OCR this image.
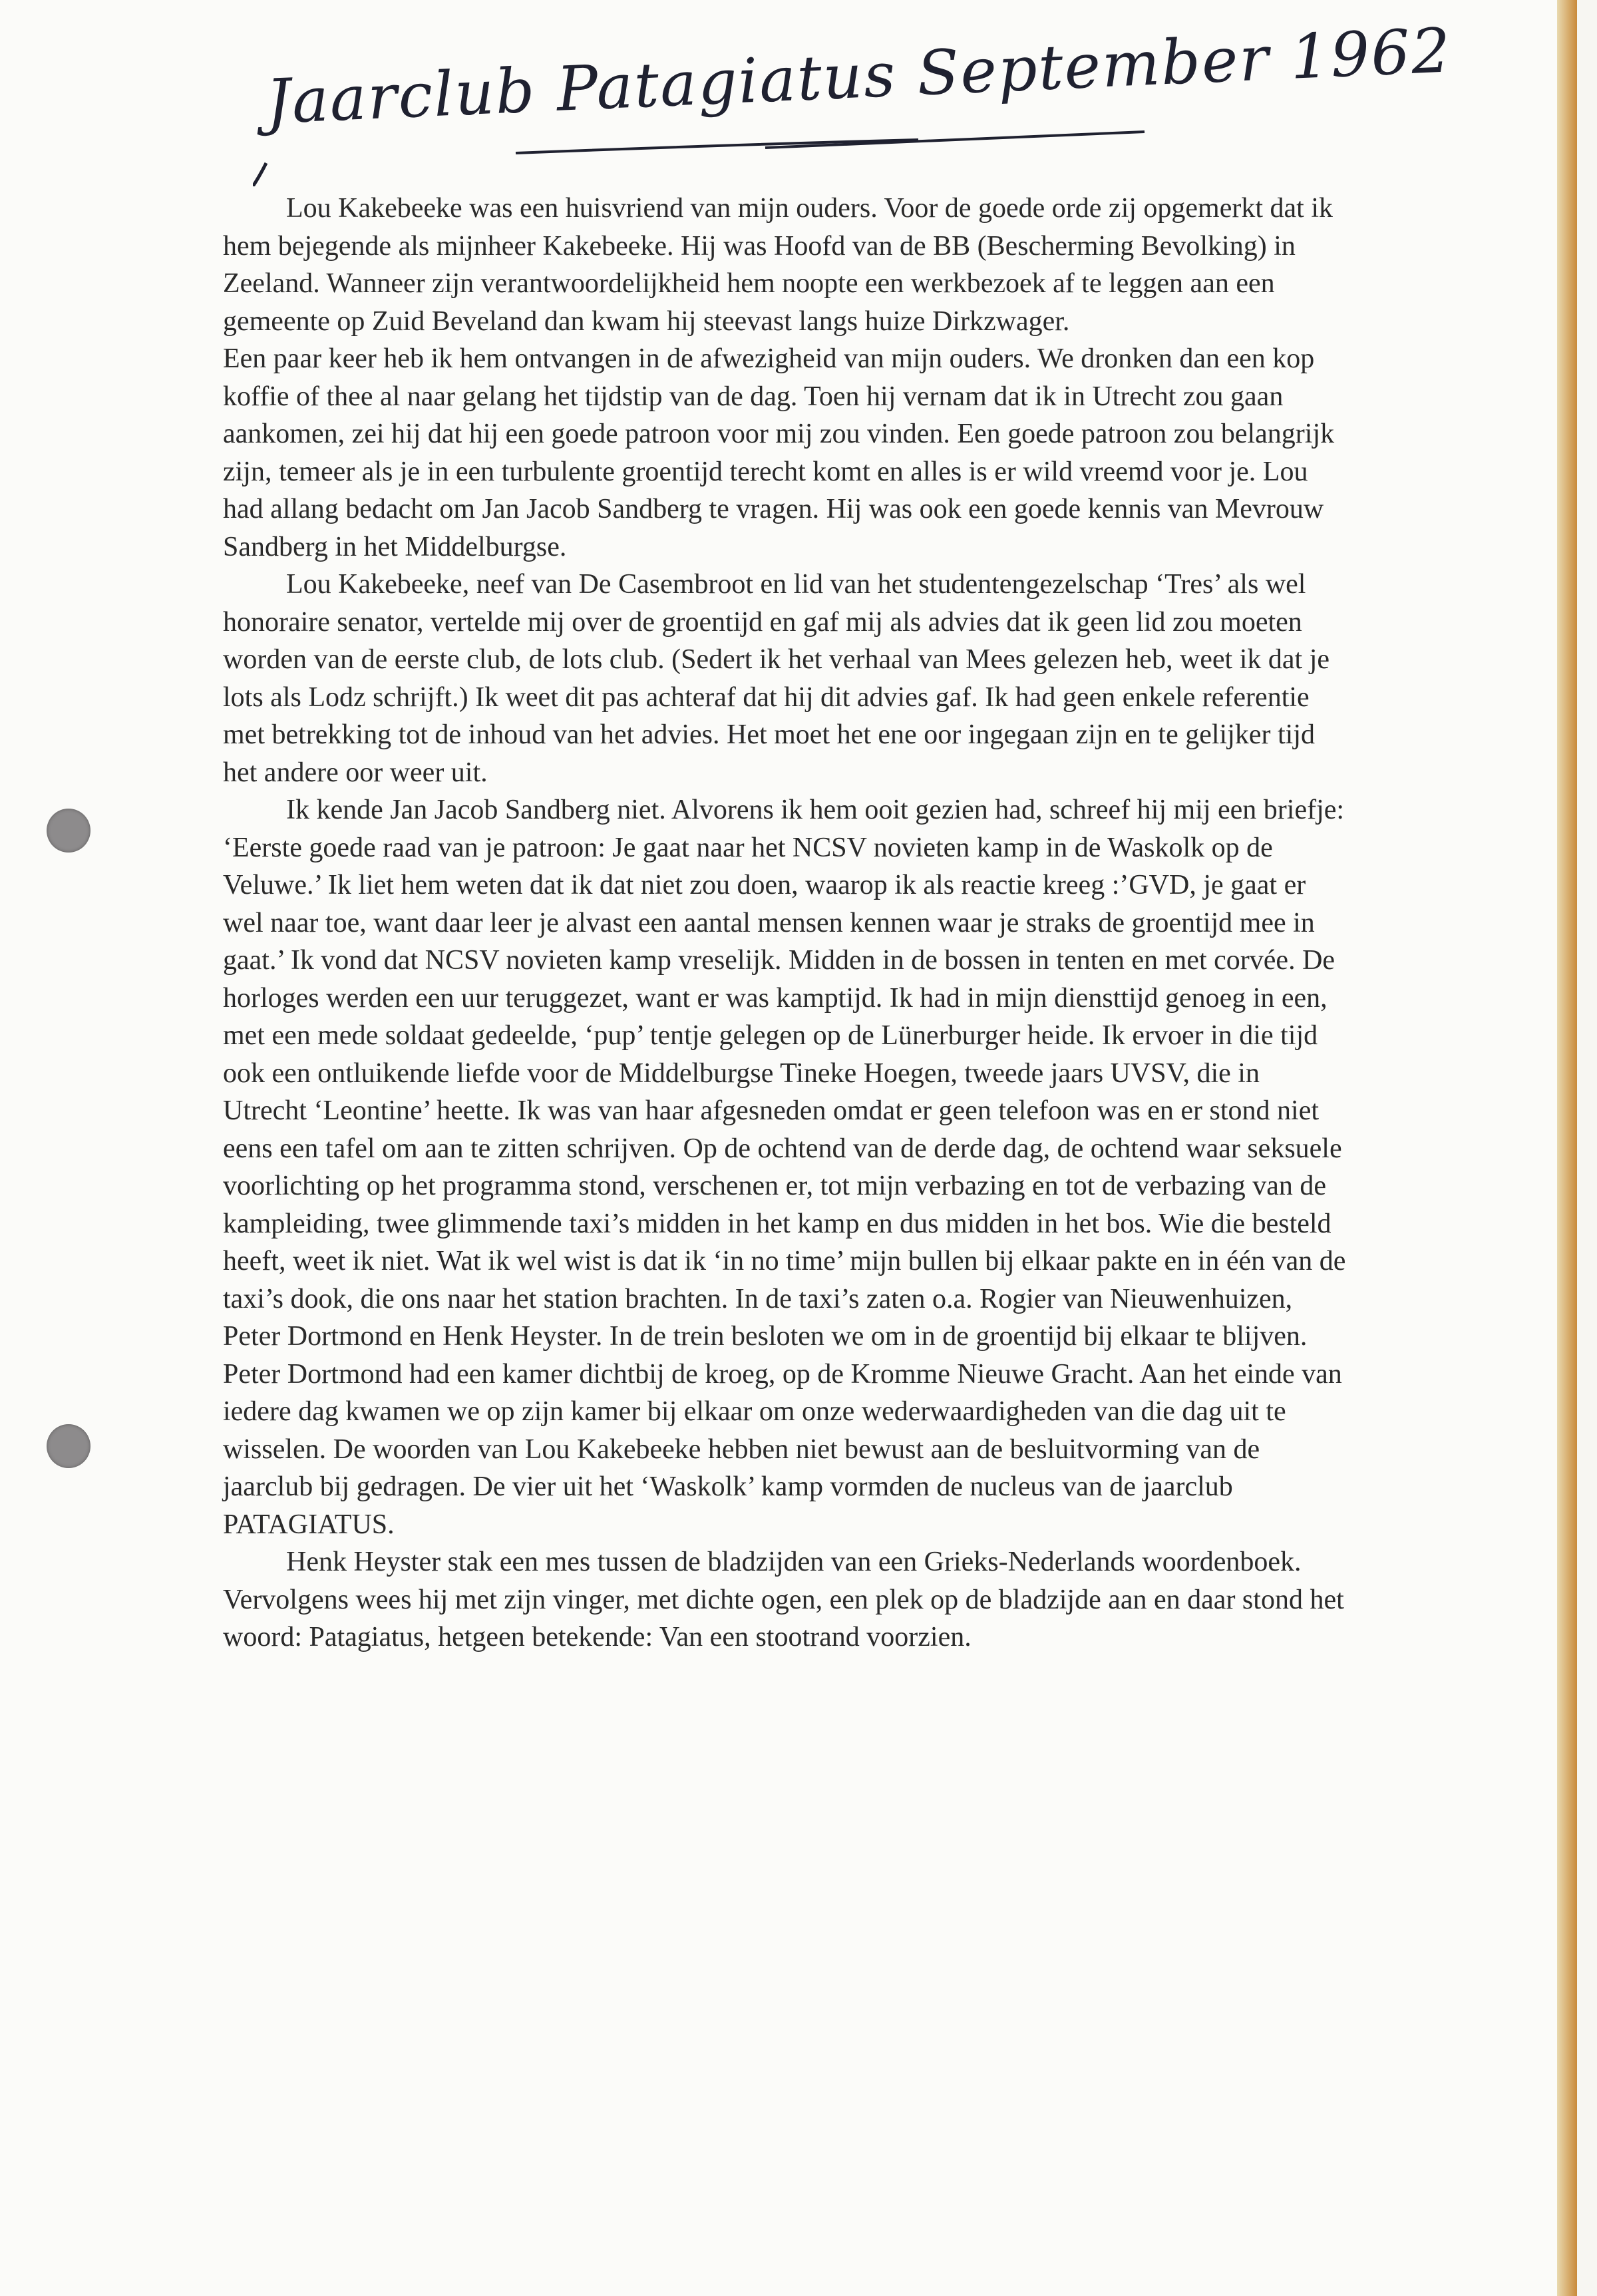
Jaarclub Patagiatus September 1962

Lou Kakebeeke was een huisvriend van mijn ouders. Voor de goede orde zij opgemerkt dat ik hem bejegende als mijnheer Kakebeeke. Hij was Hoofd van de BB (Bescherming Bevolking) in Zeeland. Wanneer zijn verantwoordelijkheid hem noopte een werkbezoek af te leggen aan een gemeente op Zuid Beveland dan kwam hij steevast langs huize Dirkzwager.

Een paar keer heb ik hem ontvangen in de afwezigheid van mijn ouders. We dronken dan een kop koffie of thee al naar gelang het tijdstip van de dag. Toen hij vernam dat ik in Utrecht zou gaan aankomen, zei hij dat hij een goede patroon voor mij zou vinden. Een goede patroon zou belangrijk zijn, temeer als je in een turbulente groentijd terecht komt en alles is er wild vreemd voor je. Lou had allang bedacht om Jan Jacob Sandberg te vragen. Hij was ook een goede kennis van Mevrouw Sandberg in het Middelburgse.

Lou Kakebeeke, neef van De Casembroot en lid van het studentengezelschap ‘Tres’ als wel honoraire senator, vertelde mij over de groentijd en gaf mij als advies dat ik geen lid zou moeten worden van de eerste club, de lots club. (Sedert ik het verhaal van Mees gelezen heb, weet ik dat je lots als Lodz schrijft.) Ik weet dit pas achteraf dat hij dit advies gaf. Ik had geen enkele referentie met betrekking tot de inhoud van het advies. Het moet het ene oor ingegaan zijn en te gelijker tijd het andere oor weer uit.

Ik kende Jan Jacob Sandberg niet. Alvorens ik hem ooit gezien had, schreef hij mij een briefje: ‘Eerste goede raad van je patroon: Je gaat naar het NCSV novieten kamp in de Waskolk op de Veluwe.’ Ik liet hem weten dat ik dat niet zou doen, waarop ik als reactie kreeg :’GVD, je gaat er wel naar toe, want daar leer je alvast een aantal mensen kennen waar je straks de groentijd mee in gaat.’ Ik vond dat NCSV novieten kamp vreselijk. Midden in de bossen in tenten en met corvée. De horloges werden een uur teruggezet, want er was kamptijd. Ik had in mijn diensttijd genoeg in een, met een mede soldaat gedeelde, ‘pup’ tentje gelegen op de Lünerburger heide. Ik ervoer in die tijd ook een ontluikende liefde voor de Middelburgse Tineke Hoegen, tweede jaars UVSV, die in Utrecht ‘Leontine’ heette. Ik was van haar afgesneden omdat er geen telefoon was en er stond niet eens een tafel om aan te zitten schrijven. Op de ochtend van de derde dag, de ochtend waar seksuele voorlichting op het programma stond, verschenen er, tot mijn verbazing en tot de verbazing van de kampleiding, twee glimmende taxi’s midden in het kamp en dus midden in het bos. Wie die besteld heeft, weet ik niet. Wat ik wel wist is dat ik ‘in no time’ mijn bullen bij elkaar pakte en in één van de taxi’s dook, die ons naar het station brachten. In de taxi’s zaten o.a. Rogier van Nieuwenhuizen, Peter Dortmond en Henk Heyster. In de trein besloten we om in de groentijd bij elkaar te blijven. Peter Dortmond had een kamer dichtbij de kroeg, op de Kromme Nieuwe Gracht. Aan het einde van iedere dag kwamen we op zijn kamer bij elkaar om onze wederwaardigheden van die dag uit te wisselen. De woorden van Lou Kakebeeke hebben niet bewust aan de besluitvorming van de jaarclub bij gedragen. De vier uit het ‘Waskolk’ kamp vormden de nucleus van de jaarclub PATAGIATUS.

Henk Heyster stak een mes tussen de bladzijden van een Grieks-Nederlands woordenboek. Vervolgens wees hij met zijn vinger, met dichte ogen, een plek op de bladzijde aan en daar stond het woord: Patagiatus, hetgeen betekende: Van een stootrand voorzien.
